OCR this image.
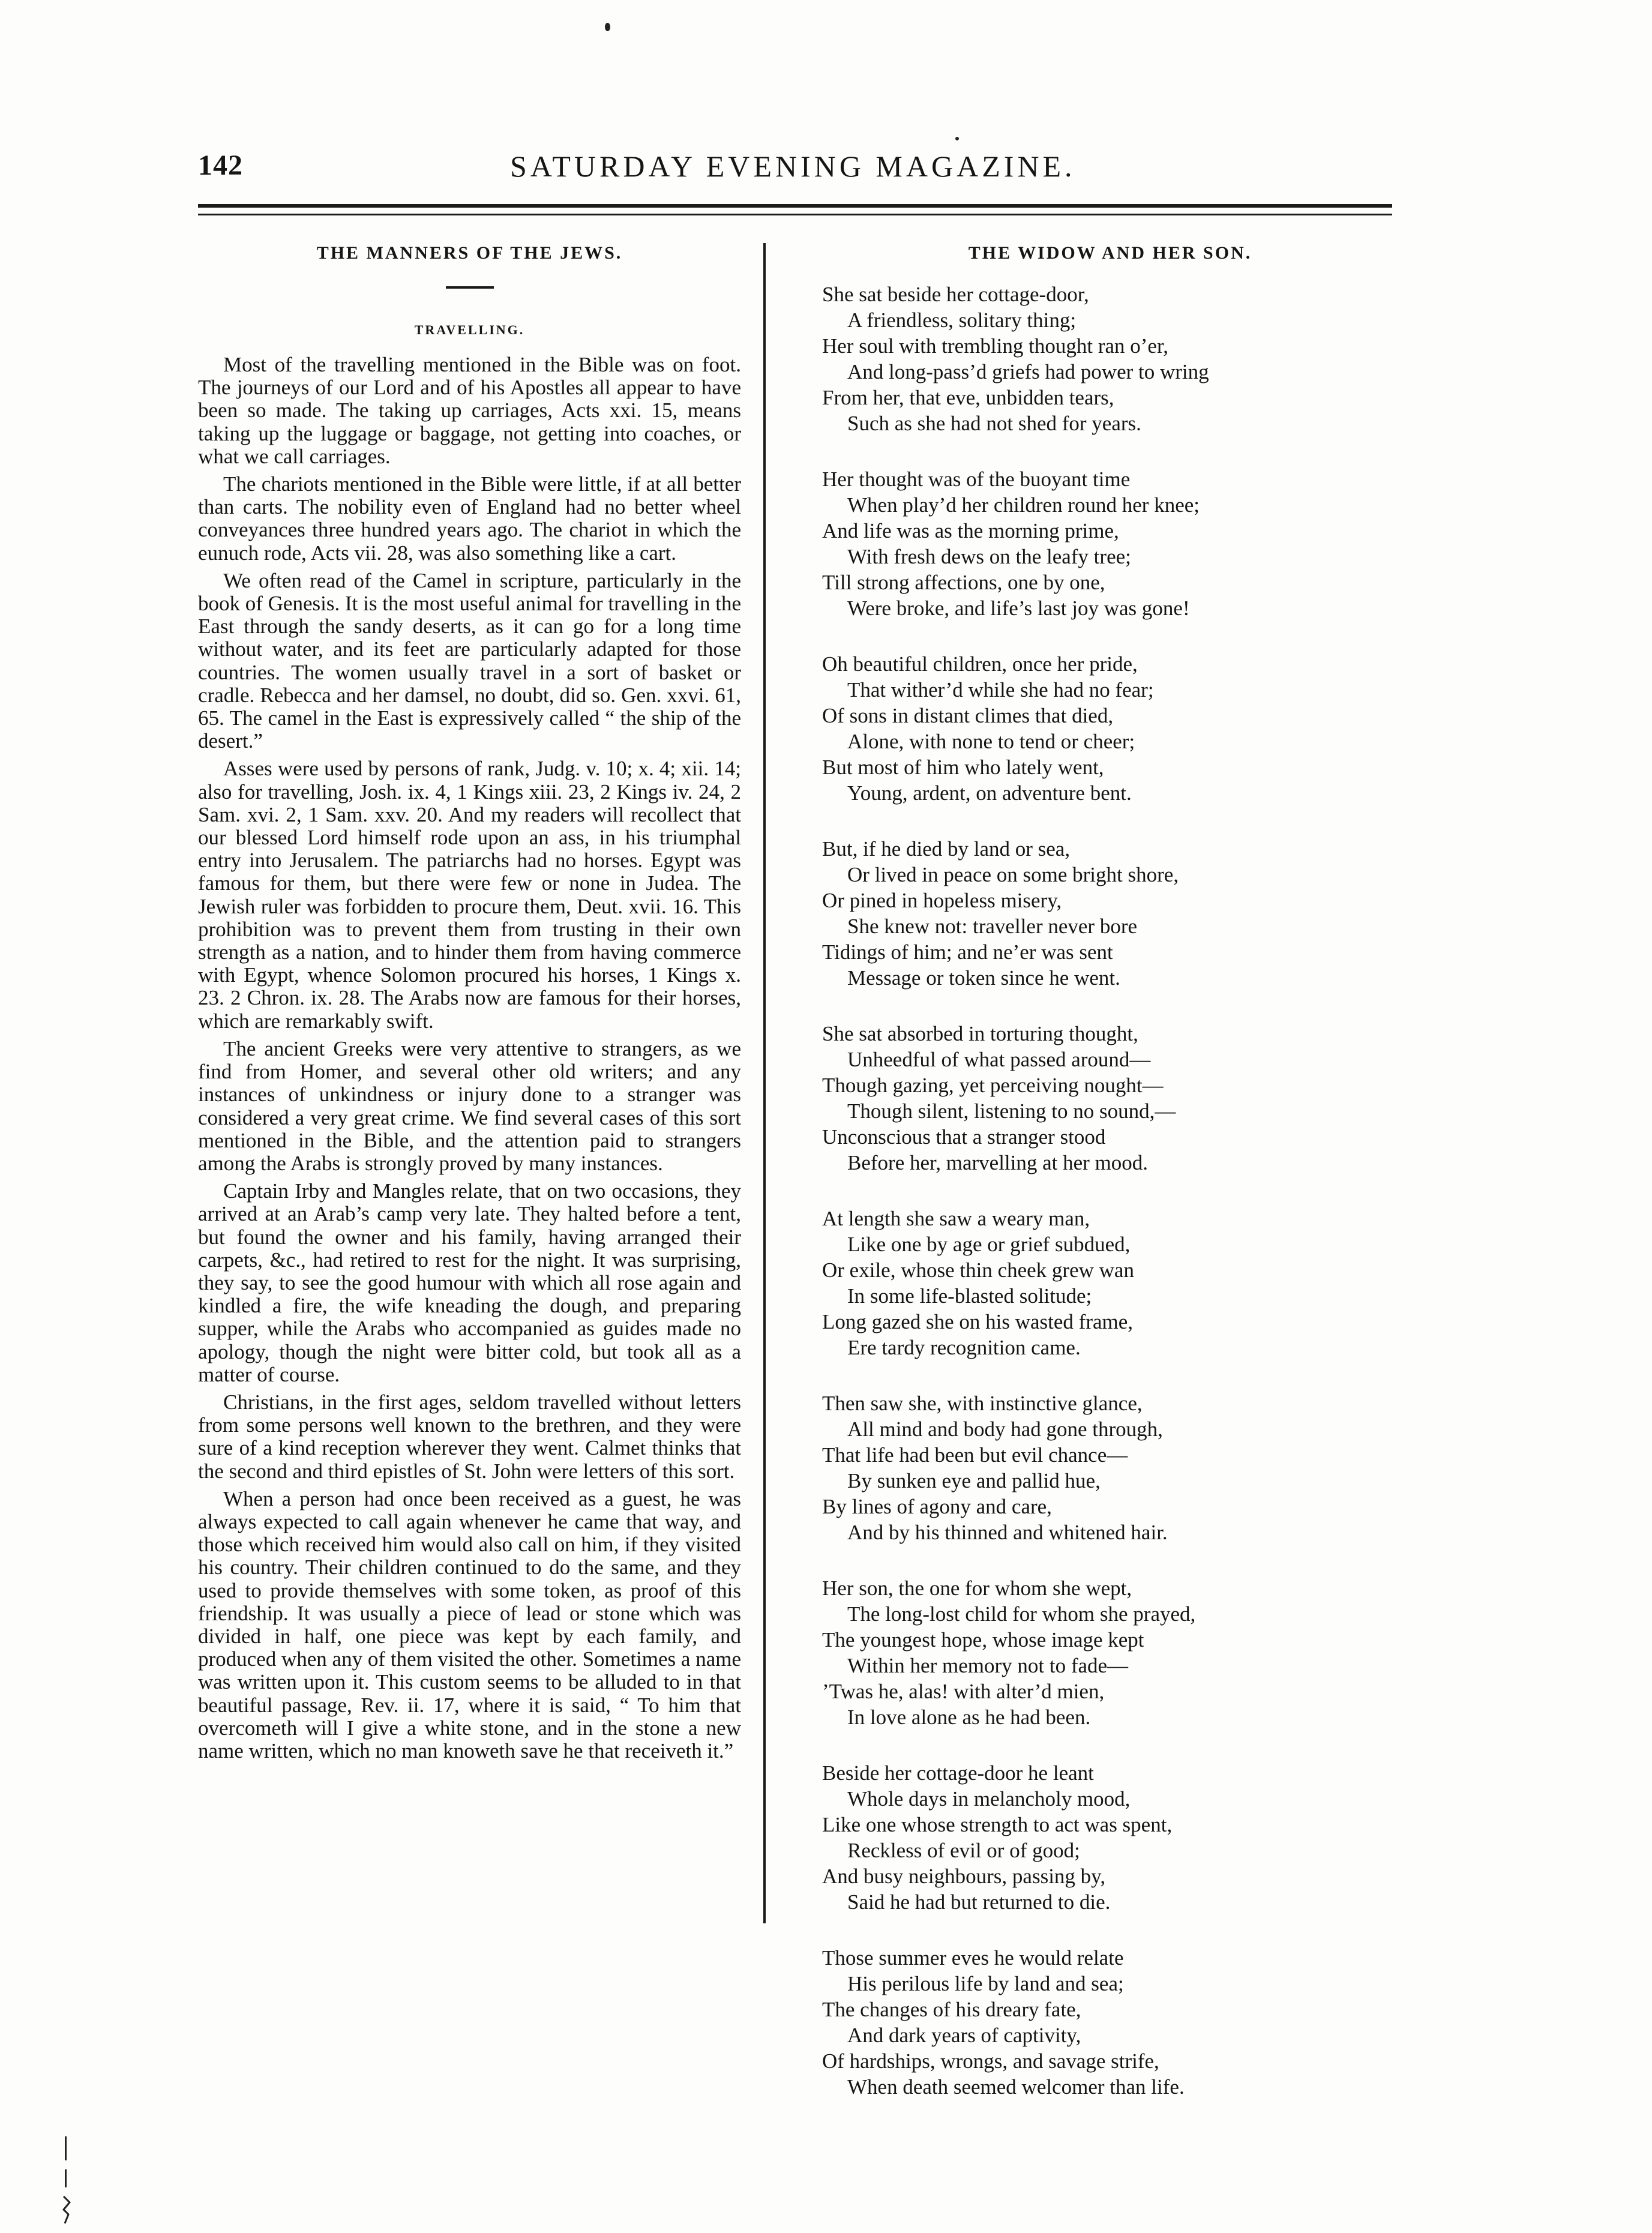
142	SATURDAY EVENING MAGAZINE.
THE MANNERS OF THE JEWS.
TRAVELLING.

Most of the travelling mentioned in the Bible was on foot. The journeys of our Lord and of his Apostles all appear to have been so made. The taking up carriages, Acts xxi. 15, means taking up the luggage or baggage, not getting into coaches, or what we call carriages.

The chariots mentioned in the Bible were little, if at all better than carts. The nobility even of England had no better wheel conveyances three hundred years ago. The chariot in which the eunuch rode, Acts vii. 28, was also something like a cart.

We often read of the Camel in scripture, particularly in the book of Genesis. It is the most useful animal for travelling in the East through the sandy deserts, as it can go for a long time without water, and its feet are particularly adapted for those countries. The women usually travel in a sort of basket or cradle. Rebecca and her damsel, no doubt, did so. Gen. xxvi. 61, 65. The camel in the East is expressively called “ the ship of the desert.”

Asses were used by persons of rank, Judg. v. 10; x. 4; xii. 14; also for travelling, Josh. ix. 4, 1 Kings xiii. 23, 2 Kings iv. 24, 2 Sam. xvi. 2, 1 Sam. xxv. 20. And my readers will recollect that our blessed Lord himself rode upon an ass, in his triumphal entry into Jerusalem. The patriarchs had no horses. Egypt was famous for them, but there were few or none in Judea. The Jewish ruler was forbidden to procure them, Deut. xvii. 16. This prohibition was to prevent them from trusting in their own strength as a nation, and to hinder them from having commerce with Egypt, whence Solomon procured his horses, 1 Kings x. 23. 2 Chron. ix. 28. The Arabs now are famous for their horses, which are remarkably swift.

The ancient Greeks were very attentive to strangers, as we find from Homer, and several other old writers; and any instances of unkindness or injury done to a stranger was considered a very great crime. We find several cases of this sort mentioned in the Bible, and the attention paid to strangers among the Arabs is strongly proved by many instances.

Captain Irby and Mangles relate, that on two occasions, they arrived at an Arab’s camp very late. They halted before a tent, but found the owner and his family, having arranged their carpets, &c., had retired to rest for the night. It was surprising, they say, to see the good humour with which all rose again and kindled a fire, the wife kneading the dough, and preparing supper, while the Arabs who accompanied as guides made no apology, though the night were bitter cold, but took all as a matter of course.

Christians, in the first ages, seldom travelled without letters from some persons well known to the brethren, and they were sure of a kind reception wherever they went. Calmet thinks that the second and third epistles of St. John were letters of this sort.

When a person had once been received as a guest, he was always expected to call again whenever he came that way, and those which received him would also call on him, if they visited his country. Their children continued to do the same, and they used to provide themselves with some token, as proof of this friendship. It was usually a piece of lead or stone which was divided in half, one piece was kept by each family, and produced when any of them visited the other. Sometimes a name was written upon it. This custom seems to be alluded to in that beautiful passage, Rev. ii. 17, where it is said, “ To him that overcometh will I give a white stone, and in the stone a new name written, which no man knoweth save he that receiveth it.”

THE WIDOW AND HER SON.
She sat beside her cottage-door,
A friendless, solitary thing;
Her soul with trembling thought ran o’er,
And long-pass’d griefs had power to wring
From her, that eve, unbidden tears,
Such as she had not shed for years.
Her thought was of the buoyant time
When play’d her children round her knee;
And life was as the morning prime,
With fresh dews on the leafy tree;
Till strong affections, one by one,
Were broke, and life’s last joy was gone!
Oh beautiful children, once her pride,
That wither’d while she had no fear;
Of sons in distant climes that died,
Alone, with none to tend or cheer;
But most of him who lately went,
Young, ardent, on adventure bent.
But, if he died by land or sea,
Or lived in peace on some bright shore,
Or pined in hopeless misery,
She knew not: traveller never bore
Tidings of him; and ne’er was sent
Message or token since he went.
She sat absorbed in torturing thought,
Unheedful of what passed around—
Though gazing, yet perceiving nought—
Though silent, listening to no sound,—
Unconscious that a stranger stood
Before her, marvelling at her mood.
At length she saw a weary man,
Like one by age or grief subdued,
Or exile, whose thin cheek grew wan
In some life-blasted solitude;
Long gazed she on his wasted frame,
Ere tardy recognition came.
Then saw she, with instinctive glance,
All mind and body had gone through,
That life had been but evil chance—
By sunken eye and pallid hue,
By lines of agony and care,
And by his thinned and whitened hair.
Her son, the one for whom she wept,
The long-lost child for whom she prayed,
The youngest hope, whose image kept
Within her memory not to fade—
’Twas he, alas! with alter’d mien,
In love alone as he had been.
Beside her cottage-door he leant
Whole days in melancholy mood,
Like one whose strength to act was spent,
Reckless of evil or of good;
And busy neighbours, passing by,
Said he had but returned to die.
Those summer eves he would relate
His perilous life by land and sea;
The changes of his dreary fate,
And dark years of captivity,
Of hardships, wrongs, and savage strife,
When death seemed welcomer than life.
